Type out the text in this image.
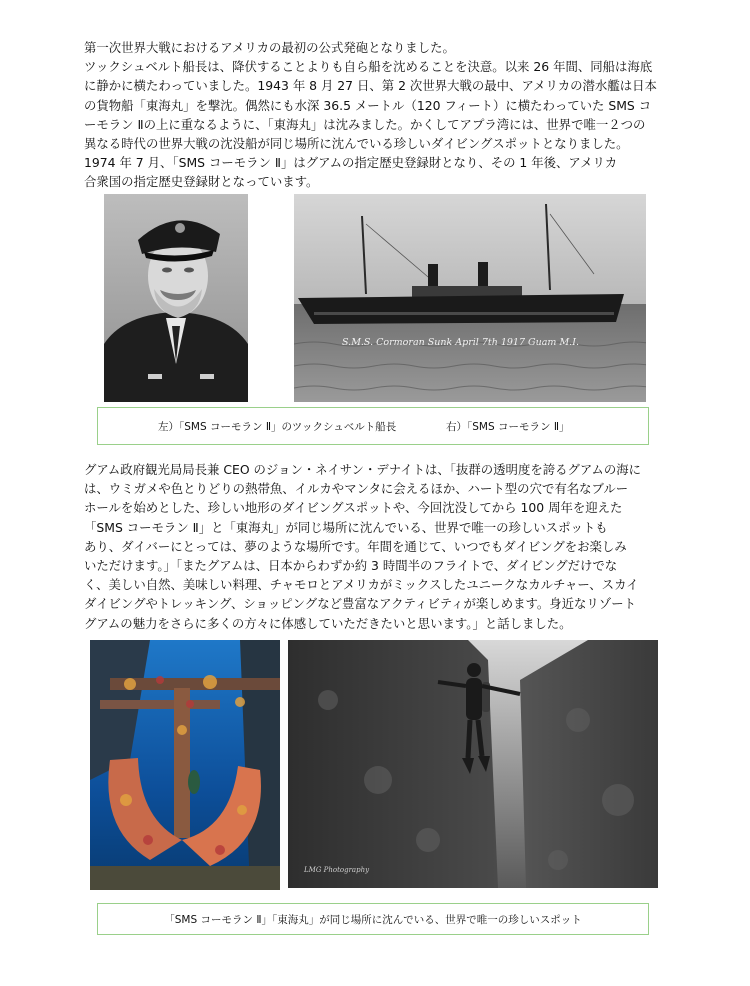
第一次世界大戦におけるアメリカの最初の公式発砲となりました。

ツックシュベルト船長は、降伏することよりも自ら船を沈めることを決意。以来 26 年間、同船は海底

に静かに横たわっていました。1943 年 8 月 27 日、第 2 次世界大戦の最中、アメリカの潜水艦は日本

の貨物船「東海丸」を撃沈。偶然にも水深 36.5 メートル（120 フィート）に横たわっていた SMS コ

ーモラン Ⅱの上に重なるように、「東海丸」は沈みました。かくしてアプラ湾には、世界で唯一２つの

異なる時代の世界大戦の沈没船が同じ場所に沈んでいる珍しいダイビングスポットとなりました。

1974 年 7 月、「SMS コーモラン Ⅱ」はグアムの指定歴史登録財となり、その 1 年後、アメリカ

合衆国の指定歴史登録財となっています。

S.M.S. Cormoran Sunk April 7th 1917 Guam M.I.
左）「SMS コーモラン Ⅱ」のツックシュベルト船長	右）「SMS コーモラン Ⅱ」

グアム政府観光局局長兼 CEO のジョン・ネイサン・デナイトは、「抜群の透明度を誇るグアムの海に

は、ウミガメや色とりどりの熱帯魚、イルカやマンタに会えるほか、ハート型の穴で有名なブルー

ホールを始めとした、珍しい地形のダイビングスポットや、今回沈没してから 100 周年を迎えた

「SMS コーモラン Ⅱ」と「東海丸」が同じ場所に沈んでいる、世界で唯一の珍しいスポットも

あり、ダイバーにとっては、夢のような場所です。年間を通じて、いつでもダイビングをお楽しみ

いただけます。」「またグアムは、日本からわずか約 3 時間半のフライトで、ダイビングだけでな

く、美しい自然、美味しい料理、チャモロとアメリカがミックスしたユニークなカルチャー、スカイ

ダイビングやトレッキング、ショッピングなど豊富なアクティビティが楽しめます。身近なリゾート

グアムの魅力をさらに多くの方々に体感していただきたいと思います。」と話しました。

LMG Photography
「SMS コーモラン Ⅱ」「東海丸」が同じ場所に沈んでいる、世界で唯一の珍しいスポット
